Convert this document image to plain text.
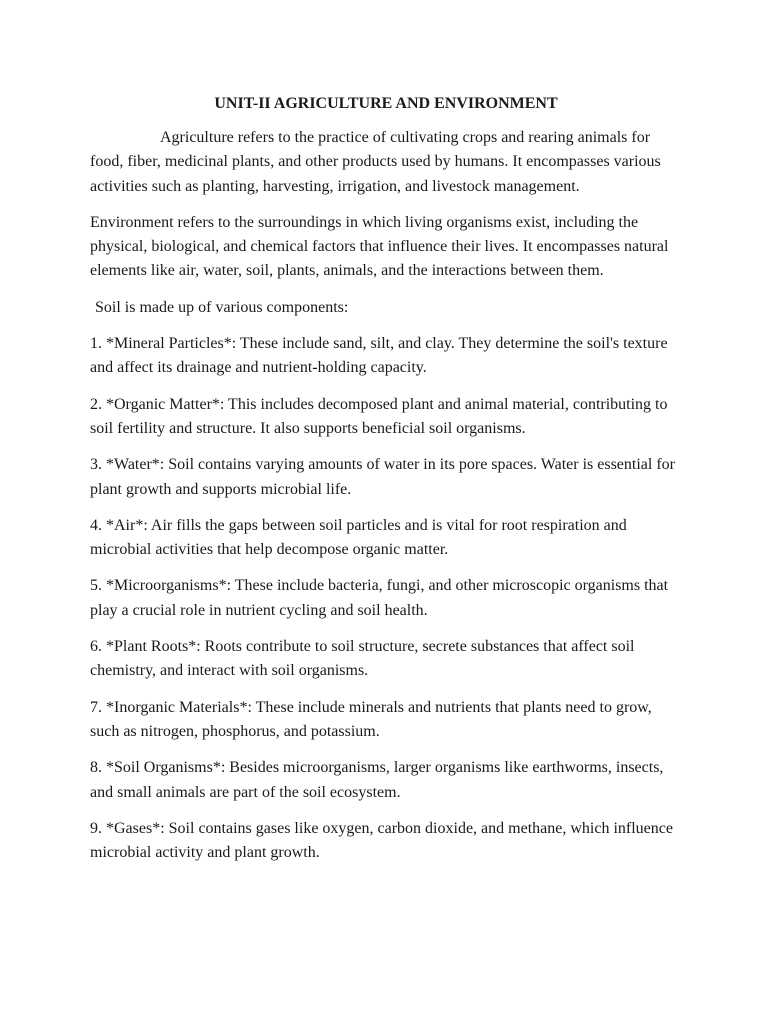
UNIT-II AGRICULTURE AND ENVIRONMENT

Agriculture refers to the practice of cultivating crops and rearing animals for food, fiber, medicinal plants, and other products used by humans. It encompasses various activities such as planting, harvesting, irrigation, and livestock management.

Environment refers to the surroundings in which living organisms exist, including the physical, biological, and chemical factors that influence their lives. It encompasses natural elements like air, water, soil, plants, animals, and the interactions between them.

Soil is made up of various components:

1. *Mineral Particles*: These include sand, silt, and clay. They determine the soil's texture and affect its drainage and nutrient-holding capacity.

2. *Organic Matter*: This includes decomposed plant and animal material, contributing to soil fertility and structure. It also supports beneficial soil organisms.

3. *Water*: Soil contains varying amounts of water in its pore spaces. Water is essential for plant growth and supports microbial life.

4. *Air*: Air fills the gaps between soil particles and is vital for root respiration and microbial activities that help decompose organic matter.

5. *Microorganisms*: These include bacteria, fungi, and other microscopic organisms that play a crucial role in nutrient cycling and soil health.

6. *Plant Roots*: Roots contribute to soil structure, secrete substances that affect soil chemistry, and interact with soil organisms.

7. *Inorganic Materials*: These include minerals and nutrients that plants need to grow, such as nitrogen, phosphorus, and potassium.

8. *Soil Organisms*: Besides microorganisms, larger organisms like earthworms, insects, and small animals are part of the soil ecosystem.

9. *Gases*: Soil contains gases like oxygen, carbon dioxide, and methane, which influence microbial activity and plant growth.
